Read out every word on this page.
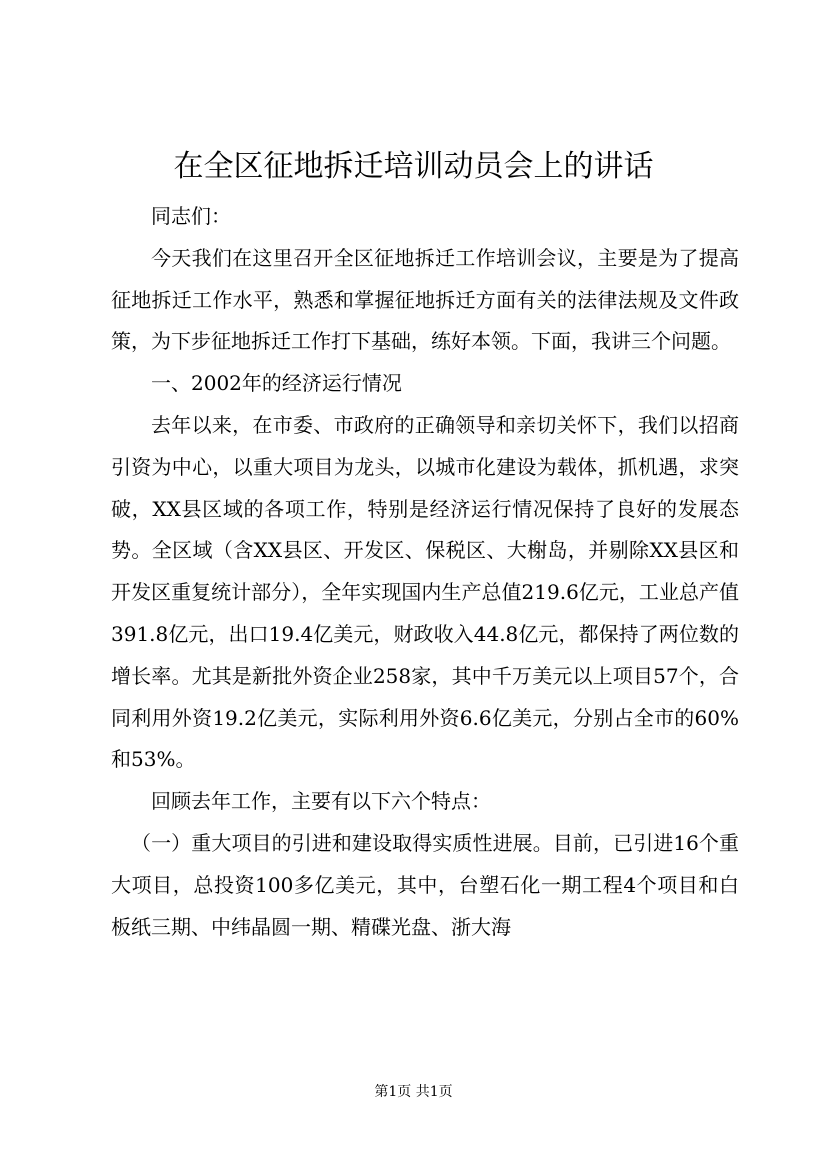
在全区征地拆迁培训动员会上的讲话

同志们：

今天我们在这里召开全区征地拆迁工作培训会议，主要是为了提高征地拆迁工作水平，熟悉和掌握征地拆迁方面有关的法律法规及文件政策，为下步征地拆迁工作打下基础，练好本领。下面，我讲三个问题。

一、2002年的经济运行情况

去年以来，在市委、市政府的正确领导和亲切关怀下，我们以招商引资为中心，以重大项目为龙头，以城市化建设为载体，抓机遇，求突破，XX县区域的各项工作，特别是经济运行情况保持了良好的发展态势。全区域（含XX县区、开发区、保税区、大榭岛，并剔除XX县区和开发区重复统计部分），全年实现国内生产总值219.6亿元，工业总产值391.8亿元，出口19.4亿美元，财政收入44.8亿元，都保持了两位数的增长率。尤其是新批外资企业258家，其中千万美元以上项目57个，合同利用外资19.2亿美元，实际利用外资6.6亿美元，分别占全市的60%和53%。

回顾去年工作，主要有以下六个特点：

（一）重大项目的引进和建设取得实质性进展。目前，已引进16个重大项目，总投资100多亿美元，其中，台塑石化一期工程4个项目和白板纸三期、中纬晶圆一期、精碟光盘、浙大海

第1页 共1页
